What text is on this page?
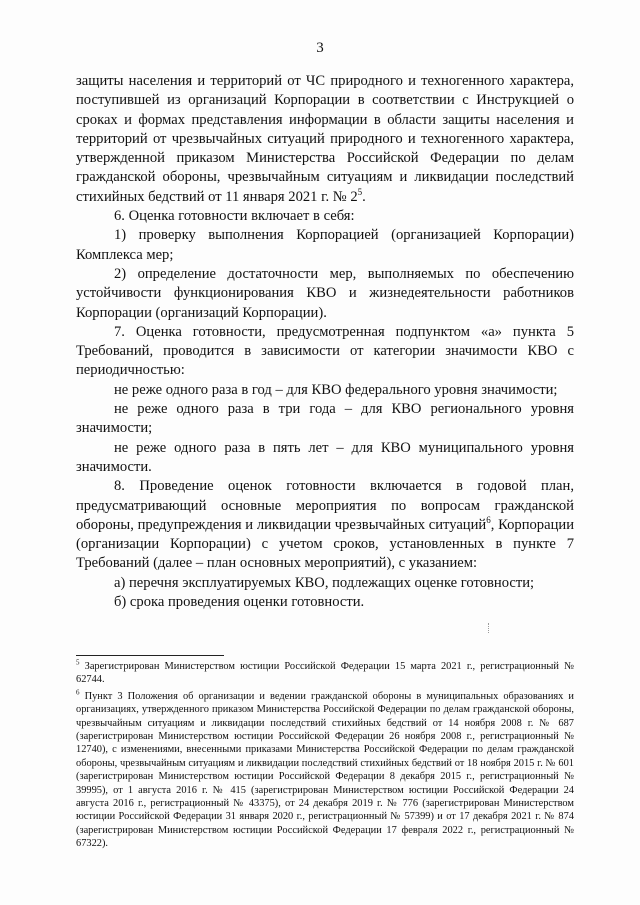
3

защиты населения и территорий от ЧС природного и техногенного характера, поступившей из организаций Корпорации в соответствии с Инструкцией о сроках и формах представления информации в области защиты населения и территорий от чрезвычайных ситуаций природного и техногенного характера, утвержденной приказом Министерства Российской Федерации по делам гражданской обороны, чрезвычайным ситуациям и ликвидации последствий стихийных бедствий от 11 января 2021 г. № $2^5$.

6. Оценка готовности включает в себя:

1) проверку выполнения Корпорацией (организацией Корпорации) Комплекса мер;

2) определение достаточности мер, выполняемых по обеспечению устойчивости функционирования КВО и жизнедеятельности работников Корпорации (организаций Корпорации).

7. Оценка готовности, предусмотренная подпунктом «а» пункта 5 Требований, проводится в зависимости от категории значимости КВО с периодичностью:

не реже одного раза в год – для КВО федерального уровня значимости;

не реже одного раза в три года – для КВО регионального уровня значимости;

не реже одного раза в пять лет – для КВО муниципального уровня значимости.

8. Проведение оценок готовности включается в годовой план, предусматривающий основные мероприятия по вопросам гражданской обороны, предупреждения и ликвидации чрезвычайных ситуаций$^6$, Корпорации (организации Корпорации) с учетом сроков, установленных в пункте 7 Требований (далее – план основных мероприятий), с указанием:

а) перечня эксплуатируемых КВО, подлежащих оценке готовности;

б) срока проведения оценки готовности.

$^5$ Зарегистрирован Министерством юстиции Российской Федерации 15 марта 2021 г., регистрационный № 62744.

$^6$ Пункт 3 Положения об организации и ведении гражданской обороны в муниципальных образованиях и организациях, утвержденного приказом Министерства Российской Федерации по делам гражданской обороны, чрезвычайным ситуациям и ликвидации последствий стихийных бедствий от 14 ноября 2008 г. № 687 (зарегистрирован Министерством юстиции Российской Федерации 26 ноября 2008 г., регистрационный № 12740), с изменениями, внесенными приказами Министерства Российской Федерации по делам гражданской обороны, чрезвычайным ситуациям и ликвидации последствий стихийных бедствий от 18 ноября 2015 г. № 601 (зарегистрирован Министерством юстиции Российской Федерации 8 декабря 2015 г., регистрационный № 39995), от 1 августа 2016 г. № 415 (зарегистрирован Министерством юстиции Российской Федерации 24 августа 2016 г., регистрационный № 43375), от 24 декабря 2019 г. № 776 (зарегистрирован Министерством юстиции Российской Федерации 31 января 2020 г., регистрационный № 57399) и от 17 декабря 2021 г. № 874 (зарегистрирован Министерством юстиции Российской Федерации 17 февраля 2022 г., регистрационный № 67322).
